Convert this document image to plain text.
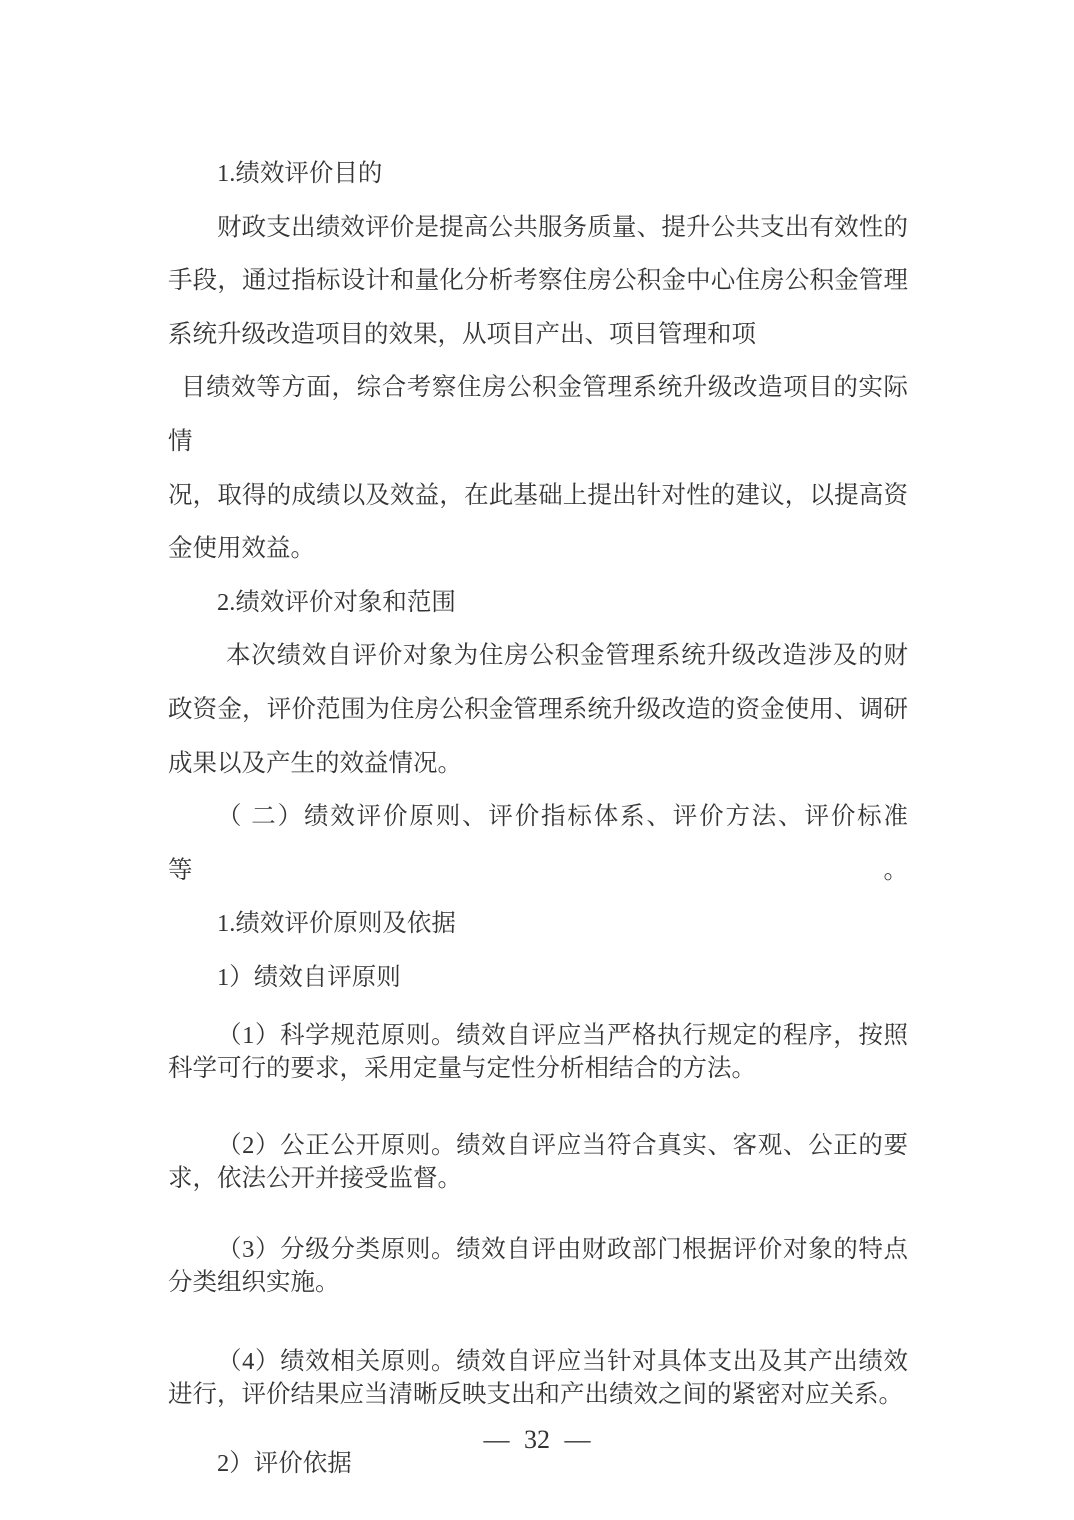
1.绩效评价目的
财政支出绩效评价是提高公共服务质量、提升公共支出有效性的
手段，通过指标设计和量化分析考察住房公积金中心住房公积金管理
系统升级改造项目的效果，从项目产出、项目管理和项
目绩效等方面，综合考察住房公积金管理系统升级改造项目的实际情
况，取得的成绩以及效益，在此基础上提出针对性的建议，以提高资
金使用效益。
2.绩效评价对象和范围
本次绩效自评价对象为住房公积金管理系统升级改造涉及的财
政资金，评价范围为住房公积金管理系统升级改造的资金使用、调研
成果以及产生的效益情况。
（ 二）绩效评价原则、评价指标体系、评价方法、评价标准等。
1.绩效评价原则及依据
1）绩效自评原则
（1）科学规范原则。绩效自评应当严格执行规定的程序，按照
科学可行的要求，采用定量与定性分析相结合的方法。
（2）公正公开原则。绩效自评应当符合真实、客观、公正的要
求，依法公开并接受监督。
（3）分级分类原则。绩效自评由财政部门根据评价对象的特点
分类组织实施。
（4）绩效相关原则。绩效自评应当针对具体支出及其产出绩效
进行，评价结果应当清晰反映支出和产出绩效之间的紧密对应关系。
2）评价依据
— 32 —
